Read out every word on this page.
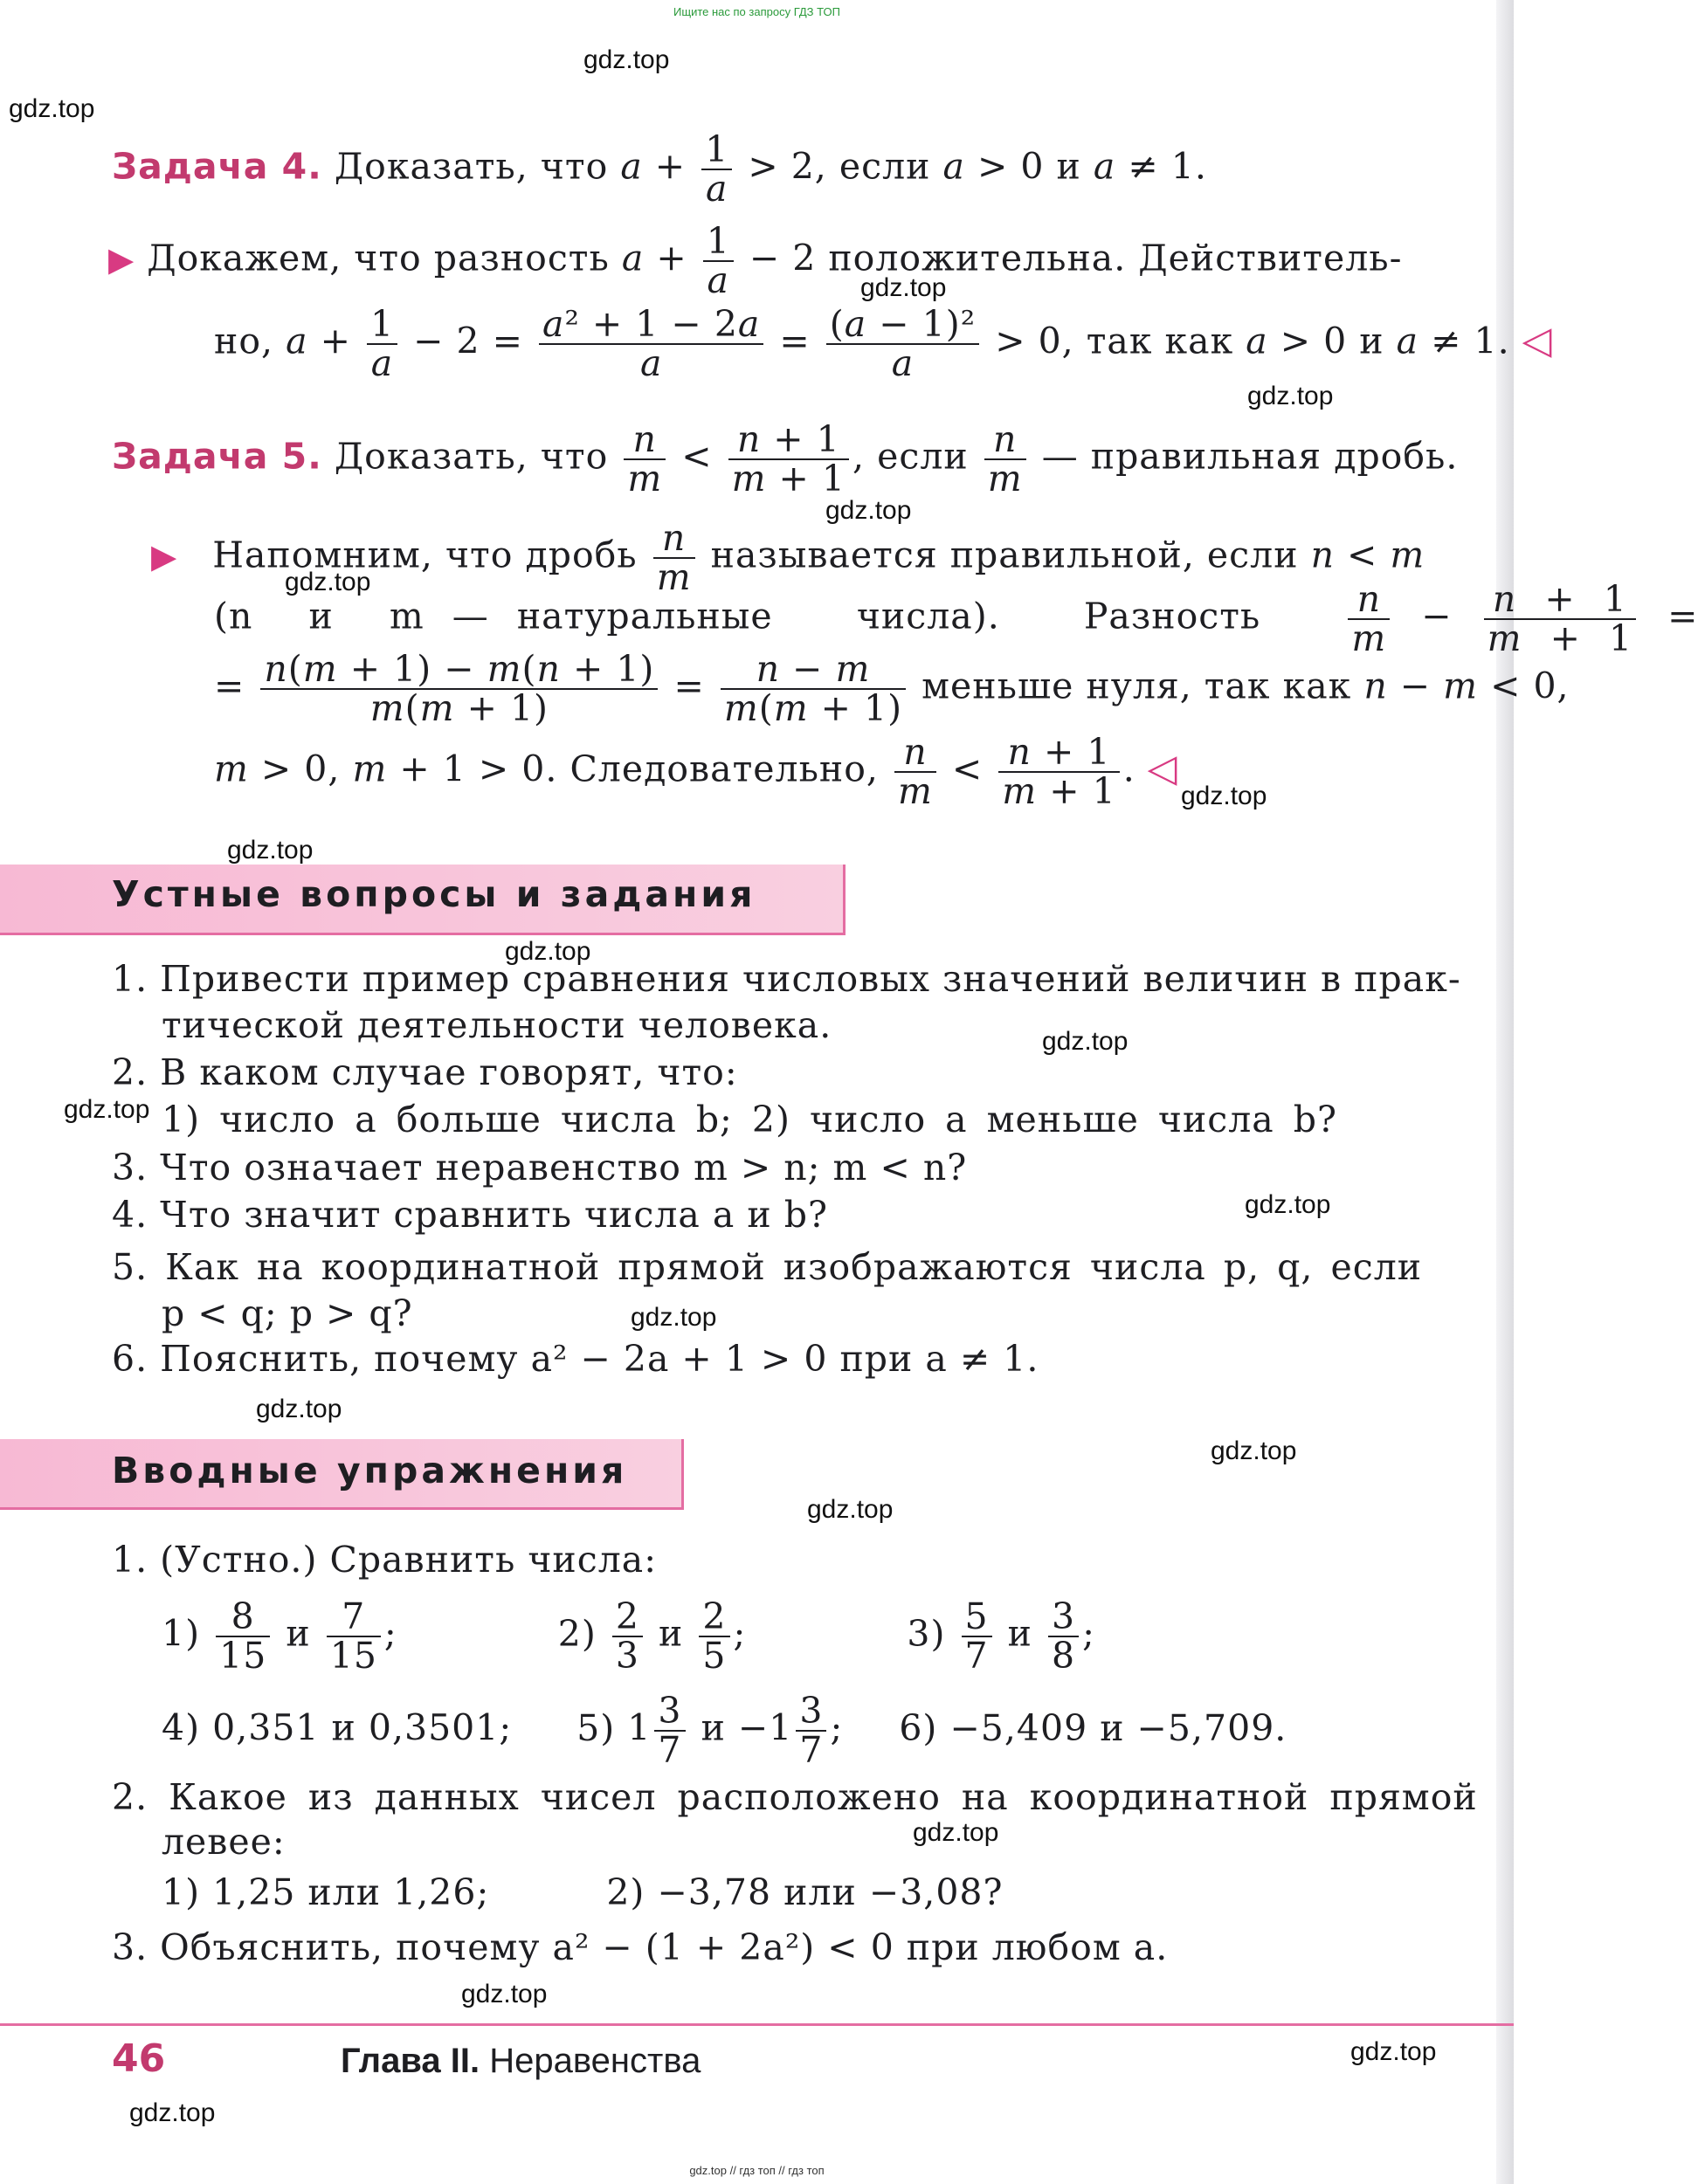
Ищите нас по запросу ГДЗ ТОП
gdz.top
gdz.top
gdz.top
gdz.top
gdz.top
gdz.top
gdz.top
gdz.top
gdz.top
gdz.top
gdz.top
gdz.top
gdz.top
gdz.top
gdz.top
gdz.top
gdz.top
gdz.top
gdz.top
gdz.top
Задача 4. Доказать, что $a + \frac{1}{a} > 2$, если a > 0 и a ≠ 1.
▶ Докажем, что разность $a + \frac{1}{a} - 2$ положительна. Действитель-
но, $a + \frac{1}{a} - 2 = \frac{\text{a² + 1 − 2a}}{a} = \frac{\text{(a − 1)²}}{a} > 0$, так как a > 0 и a ≠ 1. ◁
Задача 5. Доказать, что $\frac{n}{m} < \frac{n + 1}{m + 1}$ , если $\frac{n}{m}$ — правильная дробь.
▶ Напомним, что дробь $\frac{n}{m}$ называется правильной, если n < m
(n и m — натуральные числа). Разность $\frac{n}{m} - \frac{n + 1}{m + 1}$ =
= $\frac{n(m + 1) - m(n + 1)}{m(m + 1)} = \frac{n - m}{m(m + 1)}$ меньше нуля, так как n − m < 0,
m > 0, m + 1 > 0. Следовательно, $\frac{n}{m} < \frac{n + 1}{m + 1}$ . ◁
Устные вопросы и задания
1. Привести пример сравнения числовых значений величин в прак-
тической деятельности человека.
2. В каком случае говорят, что:
1) число a больше числа b; 2) число a меньше числа b?
3. Что означает неравенство m > n; m < n?
4. Что значит сравнить числа a и b?
5. Как на координатной прямой изображаются числа p, q, если
p < q; p > q?
6. Пояснить, почему a² − 2a + 1 > 0 при a ≠ 1.
Вводные упражнения
1. (Устно.) Сравнить числа:
$1) \frac{8}{15}$ и $\frac{7}{15}$ ;	$2) \frac{2}{3}$ и $\frac{2}{5}$ ;	$3) \frac{5}{7}$ и $\frac{3}{8}$ ;
4) 0,351 и 0,3501; 5) $1 \frac{3}{7}$ $и -1 \frac{3}{7}$ ; 6) −5,409 и −5,709.
2. Какое из данных чисел расположено на координатной прямой
левее:
1) 1,25 или 1,26;	2) −3,78 или −3,08?
3. Объяснить, почему a² − (1 + 2a²) < 0 при любом a.
46	Глава II. Неравенства
gdz.top // гдз топ // гдз топ
